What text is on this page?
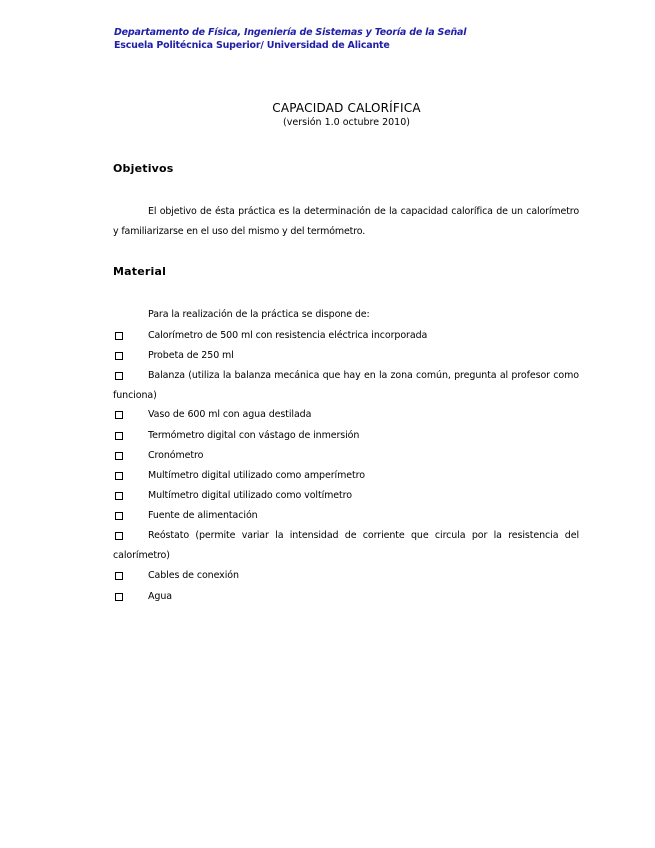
Departamento de Física, Ingeniería de Sistemas y Teoría de la Señal
Escuela Politécnica Superior/ Universidad de Alicante
CAPACIDAD CALORÍFICA
(versión 1.0 octubre 2010)
Objetivos
El objetivo de ésta práctica es la determinación de la capacidad calorífica de un calorímetro y familiarizarse en el uso del mismo y del termómetro.
Material
Para la realización de la práctica se dispone de:
Calorímetro de 500 ml con resistencia eléctrica incorporada
Probeta de 250 ml
Balanza (utiliza la balanza mecánica que hay en la zona común, pregunta al profesor como funciona)
Vaso de 600 ml con agua destilada
Termómetro digital con vástago de inmersión
Cronómetro
Multímetro digital utilizado como amperímetro
Multímetro digital utilizado como voltímetro
Fuente de alimentación
Reóstato (permite variar la intensidad de corriente que circula por la resistencia del calorímetro)
Cables de conexión
Agua
